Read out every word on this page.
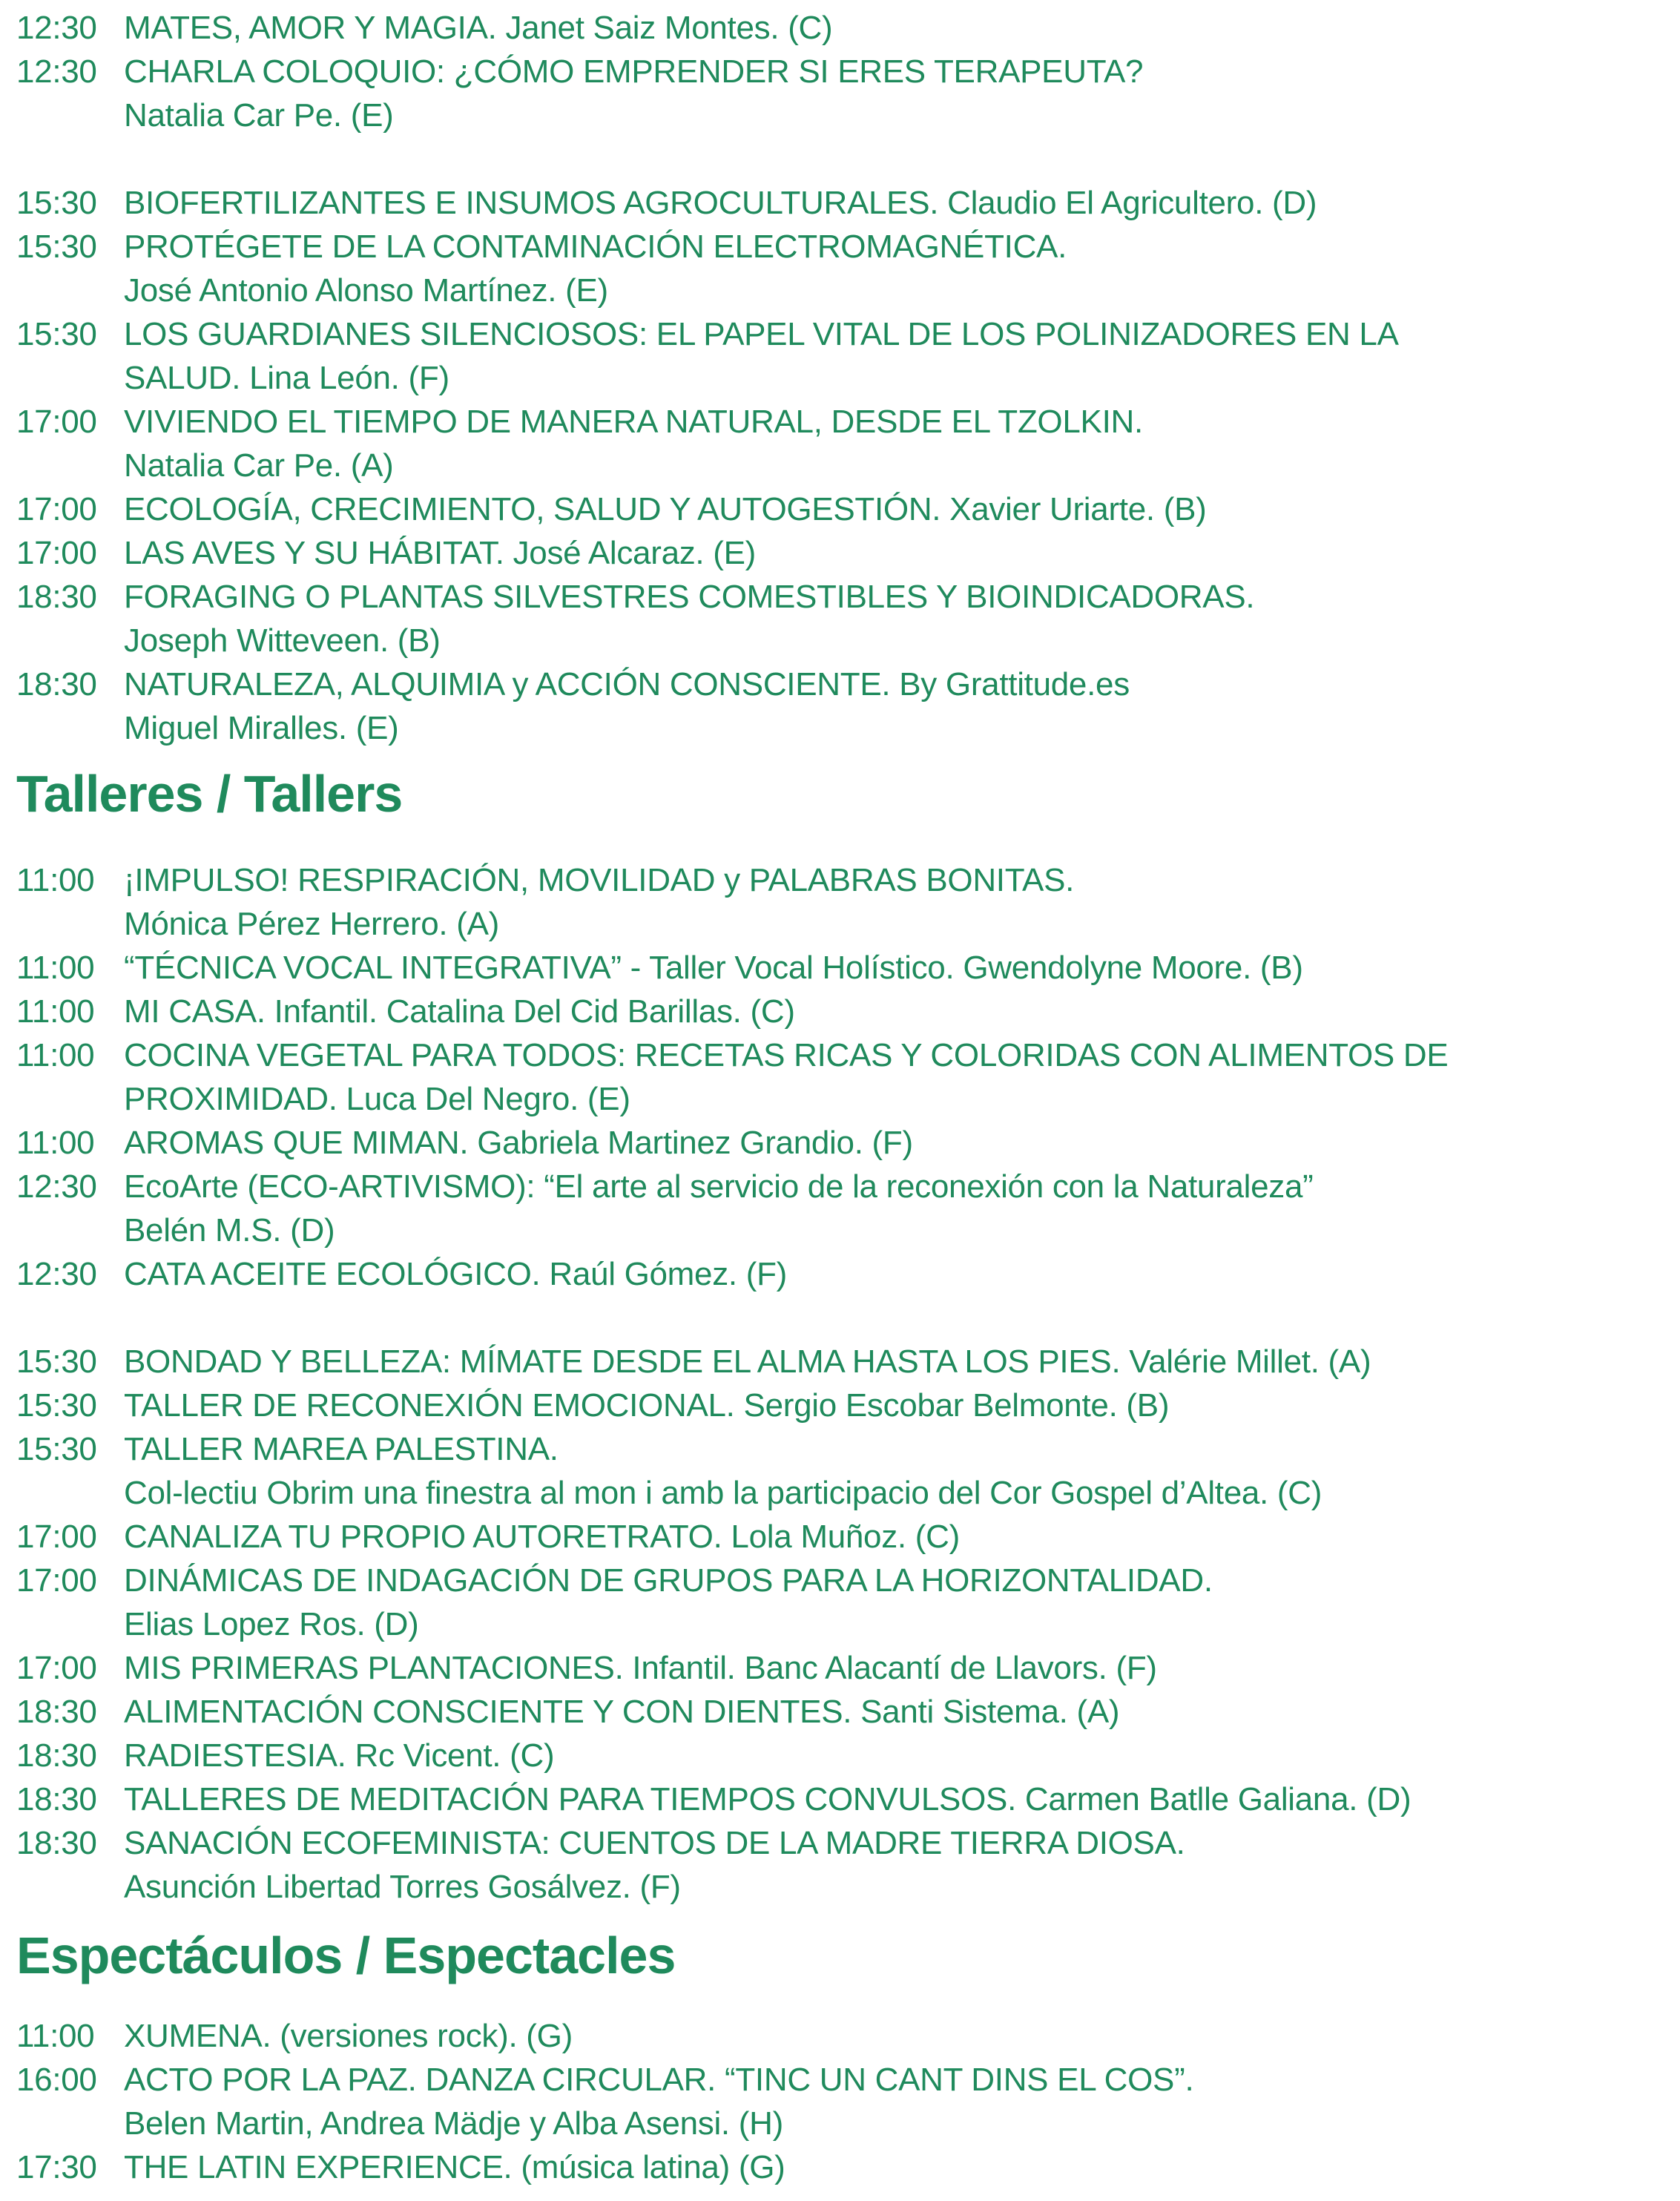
12:30 MATES, AMOR Y MAGIA. Janet Saiz Montes. (C)
12:30 CHARLA COLOQUIO: ¿CÓMO EMPRENDER SI ERES TERAPEUTA?
Natalia Car Pe. (E)
15:30 BIOFERTILIZANTES E INSUMOS AGROCULTURALES. Claudio El Agricultero. (D)
15:30 PROTÉGETE DE LA CONTAMINACIÓN ELECTROMAGNÉTICA.
José Antonio Alonso Martínez. (E)
15:30 LOS GUARDIANES SILENCIOSOS: EL PAPEL VITAL DE LOS POLINIZADORES EN LA
SALUD. Lina León. (F)
17:00 VIVIENDO EL TIEMPO DE MANERA NATURAL, DESDE EL TZOLKIN.
Natalia Car Pe. (A)
17:00 ECOLOGÍA, CRECIMIENTO, SALUD Y AUTOGESTIÓN. Xavier Uriarte. (B)
17:00 LAS AVES Y SU HÁBITAT. José Alcaraz. (E)
18:30 FORAGING O PLANTAS SILVESTRES COMESTIBLES Y BIOINDICADORAS.
Joseph Witteveen. (B)
18:30 NATURALEZA, ALQUIMIA y ACCIÓN CONSCIENTE. By Grattitude.es
Miguel Miralles. (E)
Talleres / Tallers
11:00 ¡IMPULSO! RESPIRACIÓN, MOVILIDAD y PALABRAS BONITAS.
Mónica Pérez Herrero. (A)
11:00 “TÉCNICA VOCAL INTEGRATIVA” - Taller Vocal Holístico. Gwendolyne Moore. (B)
11:00 MI CASA. Infantil. Catalina Del Cid Barillas. (C)
11:00 COCINA VEGETAL PARA TODOS: RECETAS RICAS Y COLORIDAS CON ALIMENTOS DE
PROXIMIDAD. Luca Del Negro. (E)
11:00 AROMAS QUE MIMAN. Gabriela Martinez Grandio. (F)
12:30 EcoArte (ECO-ARTIVISMO): “El arte al servicio de la reconexión con la Naturaleza”
Belén M.S. (D)
12:30 CATA ACEITE ECOLÓGICO. Raúl Gómez. (F)
15:30 BONDAD Y BELLEZA: MÍMATE DESDE EL ALMA HASTA LOS PIES. Valérie Millet. (A)
15:30 TALLER DE RECONEXIÓN EMOCIONAL. Sergio Escobar Belmonte. (B)
15:30 TALLER MAREA PALESTINA.
Col-lectiu Obrim una finestra al mon i amb la participacio del Cor Gospel d’Altea. (C)
17:00 CANALIZA TU PROPIO AUTORETRATO. Lola Muñoz. (C)
17:00 DINÁMICAS DE INDAGACIÓN DE GRUPOS PARA LA HORIZONTALIDAD.
Elias Lopez Ros. (D)
17:00 MIS PRIMERAS PLANTACIONES. Infantil. Banc Alacantí de Llavors. (F)
18:30 ALIMENTACIÓN CONSCIENTE Y CON DIENTES. Santi Sistema. (A)
18:30 RADIESTESIA. Rc Vicent. (C)
18:30 TALLERES DE MEDITACIÓN PARA TIEMPOS CONVULSOS. Carmen Batlle Galiana. (D)
18:30 SANACIÓN ECOFEMINISTA: CUENTOS DE LA MADRE TIERRA DIOSA.
Asunción Libertad Torres Gosálvez. (F)
Espectáculos / Espectacles
11:00 XUMENA. (versiones rock). (G)
16:00 ACTO POR LA PAZ. DANZA CIRCULAR. “TINC UN CANT DINS EL COS”.
Belen Martin, Andrea Mädje y Alba Asensi. (H)
17:30 THE LATIN EXPERIENCE. (música latina) (G)
